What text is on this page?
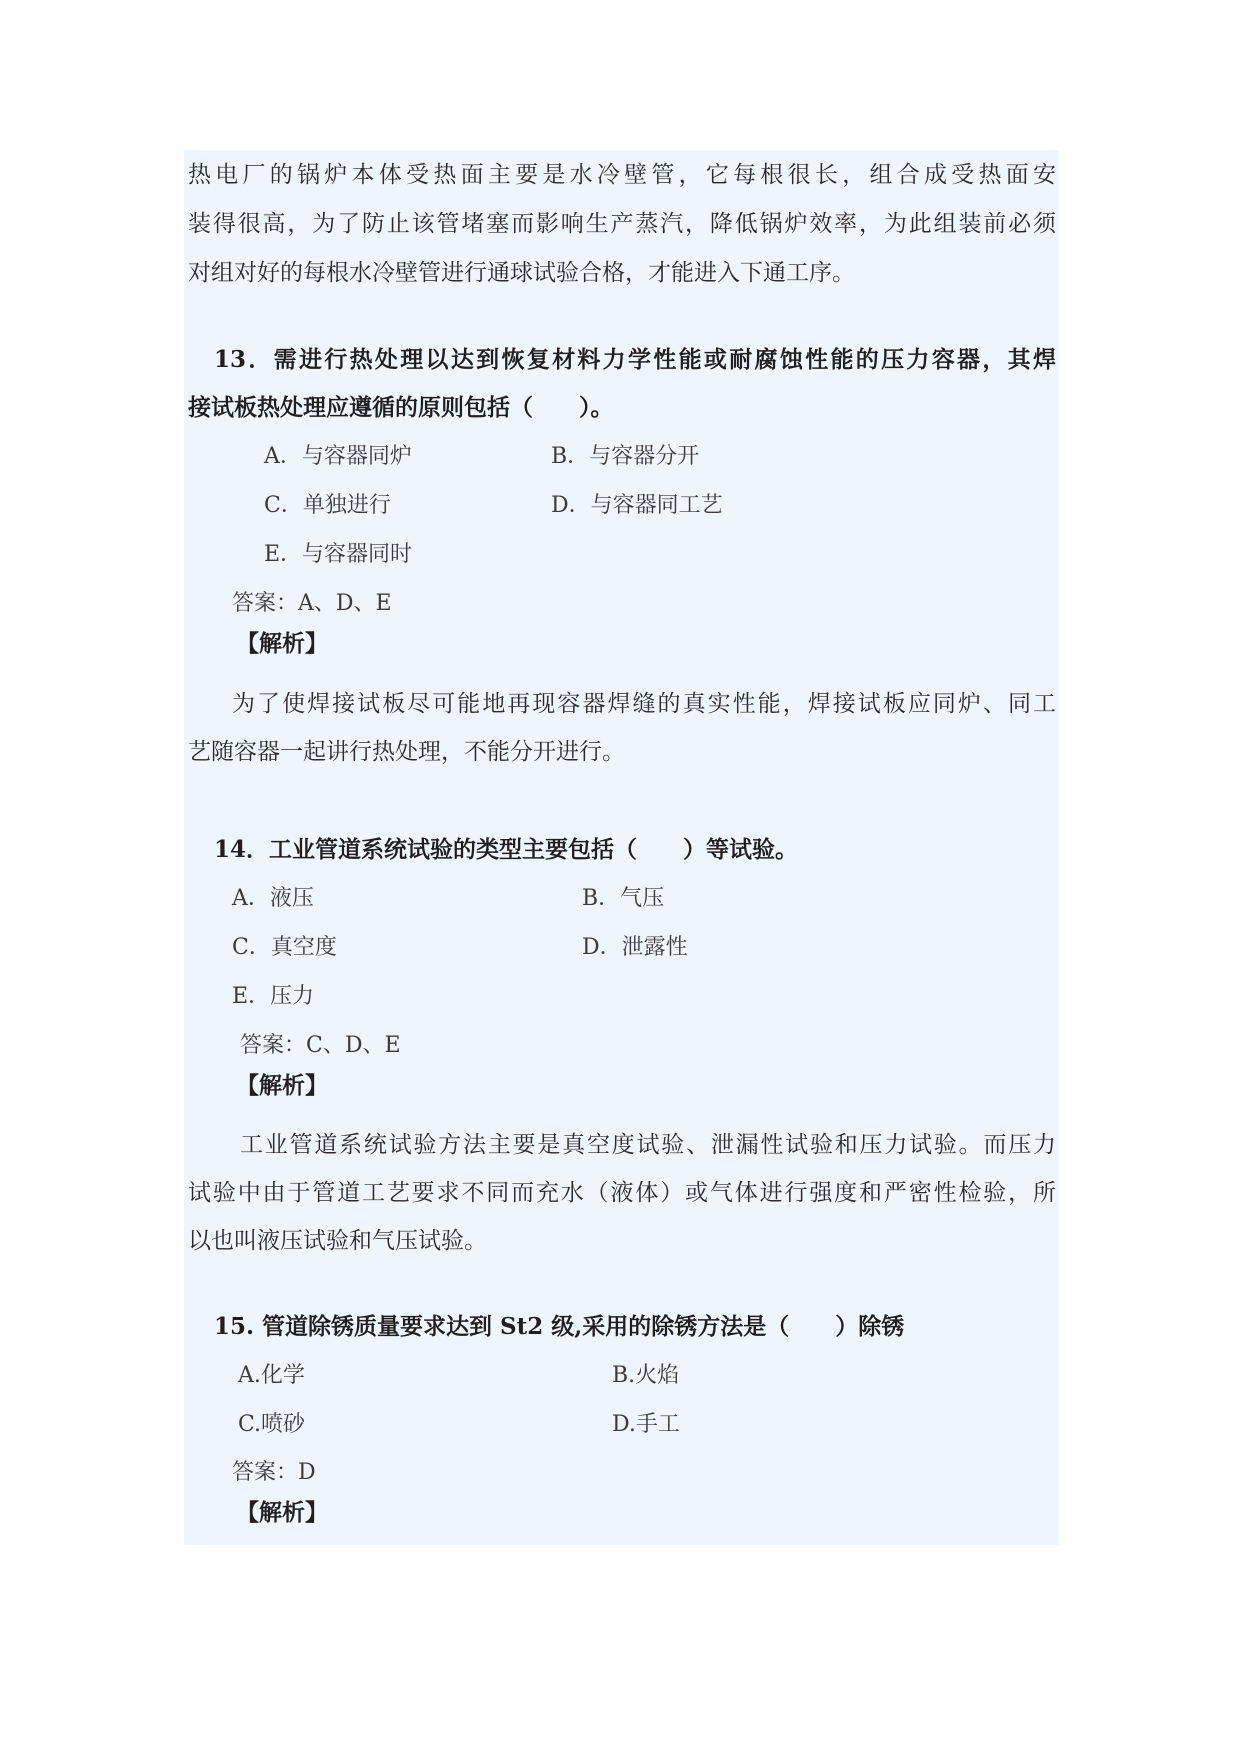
热电厂的锅炉本体受热面主要是水冷壁管，它每根很长，组合成受热面安
装得很高，为了防止该管堵塞而影响生产蒸汽，降低锅炉效率，为此组装前必须
对组对好的每根水冷壁管进行通球试验合格，才能进入下通工序。
13．需进行热处理以达到恢复材料力学性能或耐腐蚀性能的压力容器，其焊
接试板热处理应遵循的原则包括（　　）。
A．与容器同炉	B．与容器分开
C．单独进行	D．与容器同工艺
E．与容器同时
答案：A、D、E
【解析】
为了使焊接试板尽可能地再现容器焊缝的真实性能，焊接试板应同炉、同工
艺随容器一起讲行热处理，不能分开进行。
14．工业管道系统试验的类型主要包括（　　）等试验。
A．液压	B．气压
C．真空度	D．泄露性
E．压力
答案：C、D、E
【解析】
工业管道系统试验方法主要是真空度试验、泄漏性试验和压力试验。而压力
试验中由于管道工艺要求不同而充水（液体）或气体进行强度和严密性检验，所
以也叫液压试验和气压试验。
15. 管道除锈质量要求达到 St2 级,采用的除锈方法是（　　）除锈
A.化学	B.火焰
C.喷砂	D.手工
答案：D
【解析】
